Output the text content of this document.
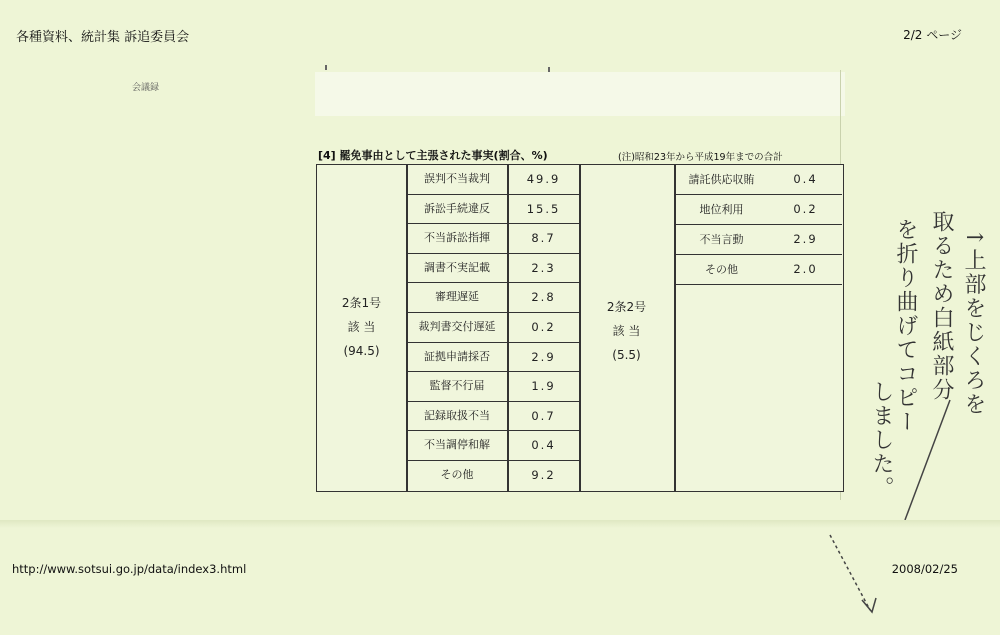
各種資料、統計集 訴追委員会	2/2 ページ
会議録
[4] 罷免事由として主張された事実(割合、%)	(注)昭和23年から平成19年までの合計
2条1号
該 当
(94.5)
誤判不当裁判	49.9
訴訟手続違反	15.5
不当訴訟指揮	8.7
調書不実記載	2.3
審理遅延	2.8
裁判書交付遅延	0.2
証拠申請採否	2.9
監督不行届	1.9
記録取扱不当	0.7
不当調停和解	0.4
その他	9.2
2条2号
該 当
(5.5)
請託供応収賄	0.4
地位利用	0.2
不当言動	2.9
その他	2.0	↑上部をじくろを
取るため白紙部分
を折り曲げてコピー
しました。
http://www.sotsui.go.jp/data/index3.html	2008/02/25
